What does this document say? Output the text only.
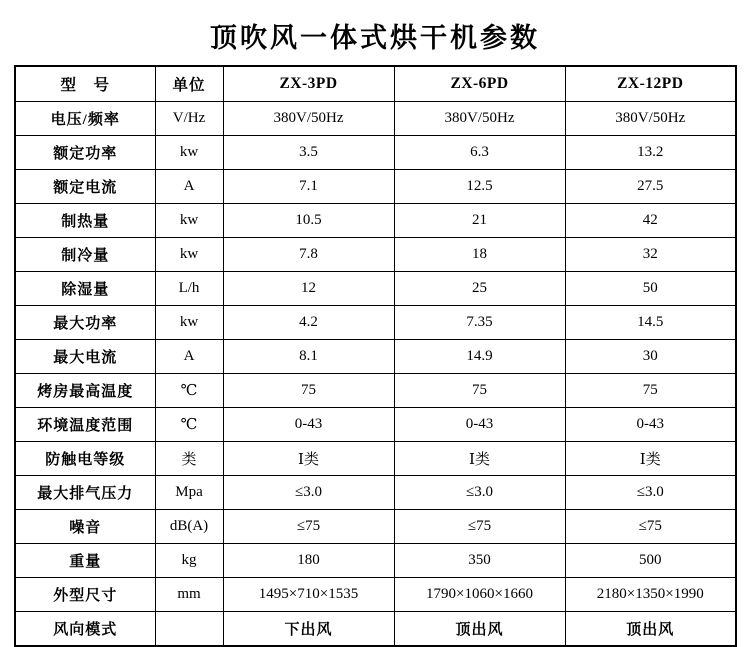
顶吹风一体式烘干机参数
型　号	单位	ZX-3PD	ZX-6PD	ZX-12PD
电压/频率	V/Hz	380V/50Hz	380V/50Hz	380V/50Hz
额定功率	kw	3.5	6.3	13.2
额定电流	A	7.1	12.5	27.5
制热量	kw	10.5	21	42
制冷量	kw	7.8	18	32
除湿量	L/h	12	25	50
最大功率	kw	4.2	7.35	14.5
最大电流	A	8.1	14.9	30
烤房最高温度	℃	75	75	75
环境温度范围	℃	0-43	0-43	0-43
防触电等级	类	Ⅰ类	Ⅰ类	Ⅰ类
最大排气压力	Mpa	≤3.0	≤3.0	≤3.0
噪音	dB(A)	≤75	≤75	≤75
重量	kg	180	350	500
外型尺寸	mm	1495×710×1535	1790×1060×1660	2180×1350×1990
风向模式		下出风	顶出风	顶出风
